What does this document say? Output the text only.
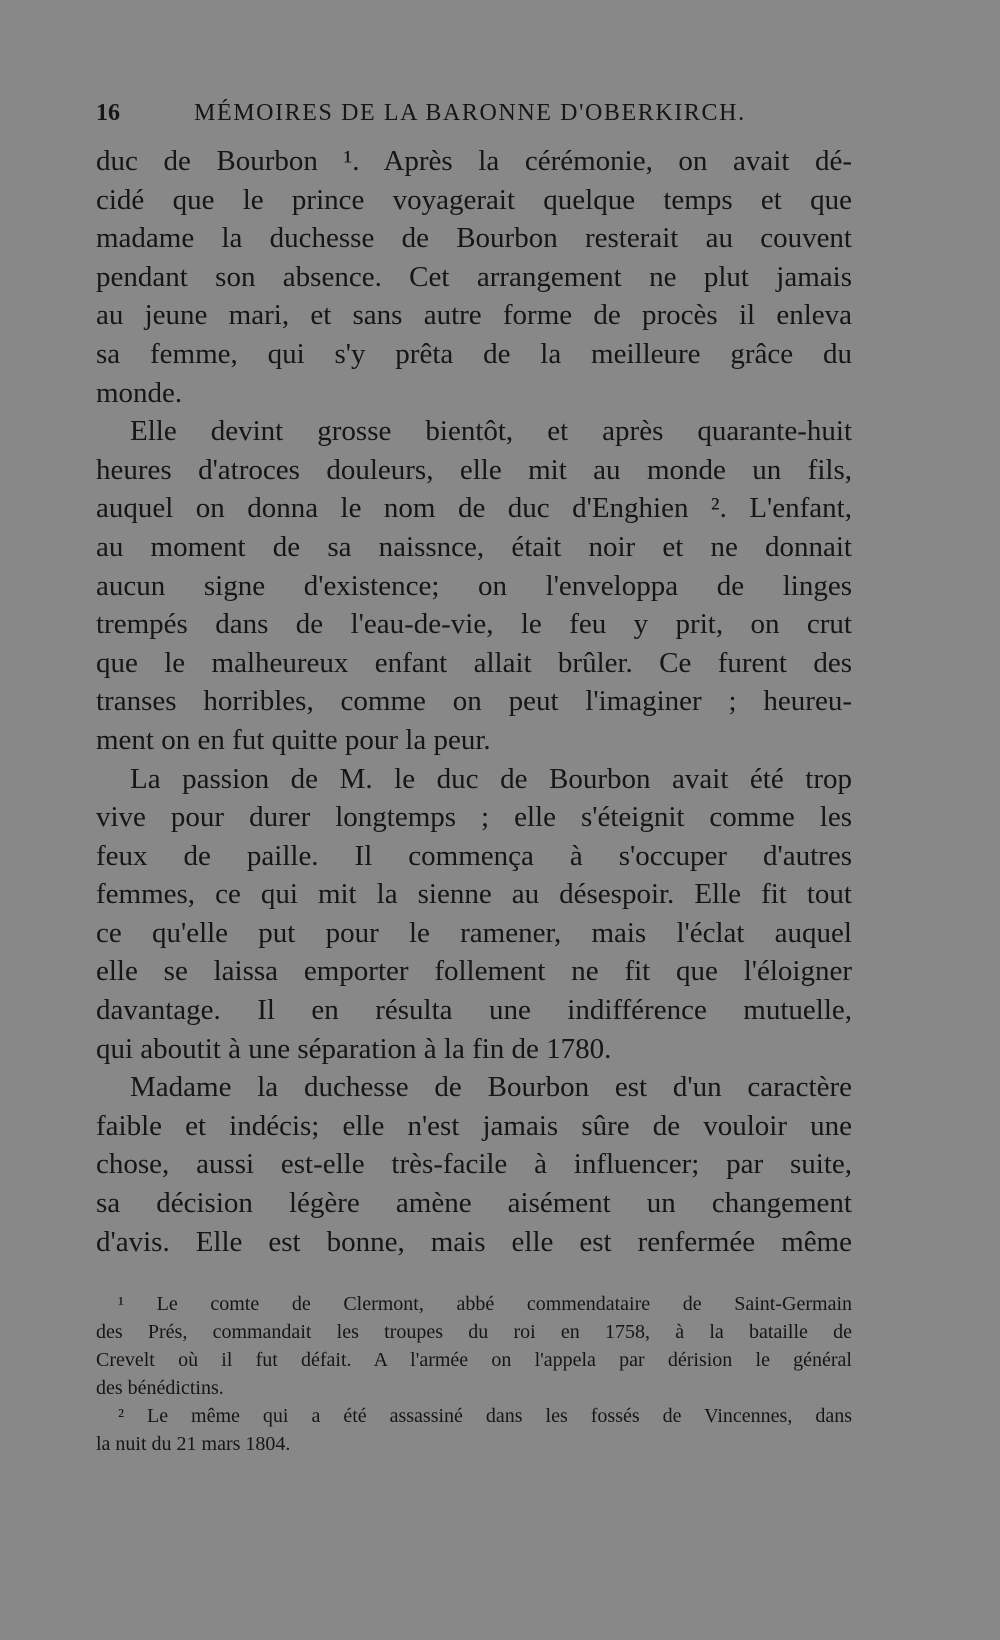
16	MÉMOIRES DE LA BARONNE D'OBERKIRCH.
duc de Bourbon ¹. Après la cérémonie, on avait dé-
cidé que le prince voyagerait quelque temps et que
madame la duchesse de Bourbon resterait au couvent
pendant son absence. Cet arrangement ne plut jamais
au jeune mari, et sans autre forme de procès il enleva
sa femme, qui s'y prêta de la meilleure grâce du
monde.
Elle devint grosse bientôt, et après quarante-huit
heures d'atroces douleurs, elle mit au monde un fils,
auquel on donna le nom de duc d'Enghien ². L'enfant,
au moment de sa naissnce, était noir et ne donnait
aucun signe d'existence; on l'enveloppa de linges
trempés dans de l'eau-de-vie, le feu y prit, on crut
que le malheureux enfant allait brûler. Ce furent des
transes horribles, comme on peut l'imaginer ; heureu-
ment on en fut quitte pour la peur.
La passion de M. le duc de Bourbon avait été trop
vive pour durer longtemps ; elle s'éteignit comme les
feux de paille. Il commença à s'occuper d'autres
femmes, ce qui mit la sienne au désespoir. Elle fit tout
ce qu'elle put pour le ramener, mais l'éclat auquel
elle se laissa emporter follement ne fit que l'éloigner
davantage. Il en résulta une indifférence mutuelle,
qui aboutit à une séparation à la fin de 1780.
Madame la duchesse de Bourbon est d'un caractère
faible et indécis; elle n'est jamais sûre de vouloir une
chose, aussi est-elle très-facile à influencer; par suite,
sa décision légère amène aisément un changement
d'avis. Elle est bonne, mais elle est renfermée même
¹ Le comte de Clermont, abbé commendataire de Saint-Germain
des Prés, commandait les troupes du roi en 1758, à la bataille de
Crevelt où il fut défait. A l'armée on l'appela par dérision le général
des bénédictins.
² Le même qui a été assassiné dans les fossés de Vincennes, dans
la nuit du 21 mars 1804.
